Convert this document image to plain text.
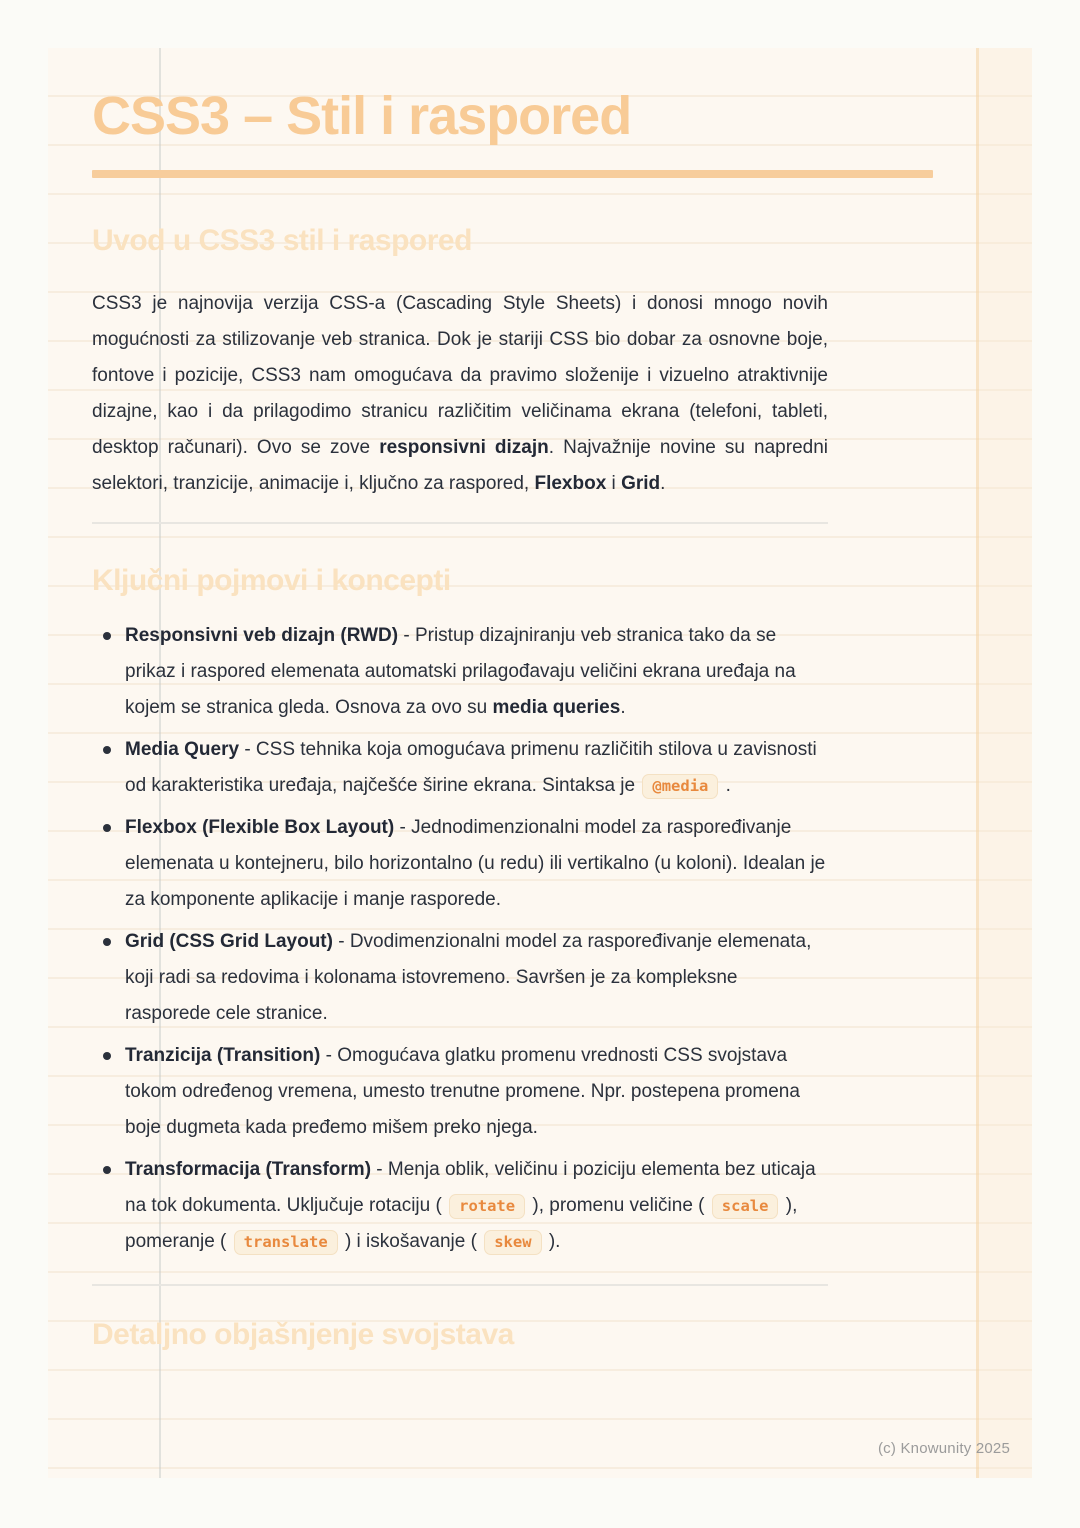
CSS3 – Stil i raspored
Uvod u CSS3 stil i raspored

CSS3 je najnovija verzija CSS-a (Cascading Style Sheets) i donosi mnogo novih mogućnosti za stilizovanje veb stranica. Dok je stariji CSS bio dobar za osnovne boje, fontove i pozicije, CSS3 nam omogućava da pravimo složenije i vizuelno atraktivnije dizajne, kao i da prilagodimo stranicu različitim veličinama ekrana (telefoni, tableti, desktop računari). Ovo se zove responsivni dizajn. Najvažnije novine su napredni selektori, tranzicije, animacije i, ključno za raspored, Flexbox i Grid.

Ključni pojmovi i koncepti
Responsivni veb dizajn (RWD) - Pristup dizajniranju veb stranica tako da se prikaz i raspored elemenata automatski prilagođavaju veličini ekrana uređaja na kojem se stranica gleda. Osnova za ovo su media queries.
Media Query - CSS tehnika koja omogućava primenu različitih stilova u zavisnosti od karakteristika uređaja, najčešće širine ekrana. Sintaksa je @media .
Flexbox (Flexible Box Layout) - Jednodimenzionalni model za raspoređivanje elemenata u kontejneru, bilo horizontalno (u redu) ili vertikalno (u koloni). Idealan je za komponente aplikacije i manje rasporede.
Grid (CSS Grid Layout) - Dvodimenzionalni model za raspoređivanje elemenata, koji radi sa redovima i kolonama istovremeno. Savršen je za kompleksne rasporede cele stranice.
Tranzicija (Transition) - Omogućava glatku promenu vrednosti CSS svojstava tokom određenog vremena, umesto trenutne promene. Npr. postepena promena boje dugmeta kada pređemo mišem preko njega.
Transformacija (Transform) - Menja oblik, veličinu i poziciju elementa bez uticaja na tok dokumenta. Uključuje rotaciju ( rotate ), promenu veličine ( scale ), pomeranje ( translate ) i iskošavanje ( skew ).
Detaljno objašnjenje svojstava
(c) Knowunity 2025
